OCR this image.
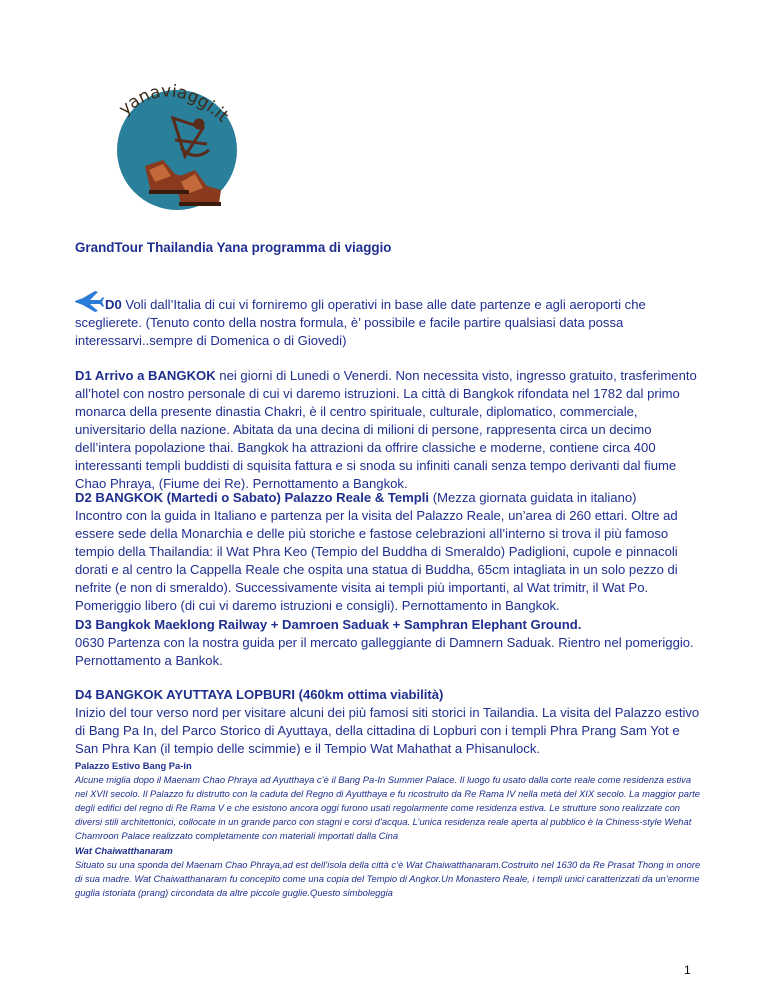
yanaviaggi.it
GrandTour Thailandia Yana programma di viaggio

D0 Voli dall’Italia di cui vi forniremo gli operativi in base alle date partenze e agli aeroporti che sceglierete. (Tenuto conto della nostra formula, è’ possibile e facile partire qualsiasi data possa interessarvi..sempre di Domenica o di Giovedi)

D1 Arrivo a BANGKOK nei giorni di Lunedi o Venerdi. Non necessita visto, ingresso gratuito, trasferimento all’hotel con nostro personale di cui vi daremo istruzioni. La città di Bangkok rifondata nel 1782 dal primo monarca della presente dinastia Chakri, è il centro spirituale, culturale, diplomatico, commerciale, universitario della nazione. Abitata da una decina di milioni di persone, rappresenta circa un decimo dell’intera popolazione thai. Bangkok ha attrazioni da offrire classiche e moderne, contiene circa 400 interessanti templi buddisti di squisita fattura e si snoda su infiniti canali senza tempo derivanti dal fiume Chao Phraya, (Fiume dei Re). Pernottamento a Bangkok.

D2 BANGKOK (Martedi o Sabato) Palazzo Reale & Templi (Mezza giornata guidata in italiano)
Incontro con la guida in Italiano e partenza per la visita del Palazzo Reale, un’area di 260 ettari. Oltre ad essere sede della Monarchia e delle più storiche e fastose celebrazioni all’interno si trova il più famoso tempio della Thailandia: il Wat Phra Keo (Tempio del Buddha di Smeraldo) Padiglioni, cupole e pinnacoli dorati e al centro la Cappella Reale che ospita una statua di Buddha, 65cm intagliata in un solo pezzo di nefrite (e non di smeraldo). Successivamente visita ai templi più importanti, al Wat trimitr, il Wat Po. Pomeriggio libero (di cui vi daremo istruzioni e consigli). Pernottamento in Bangkok.

D3 Bangkok Maeklong Railway + Damroen Saduak + Samphran Elephant Ground.
0630 Partenza con la nostra guida per il mercato galleggiante di Damnern Saduak. Rientro nel pomeriggio. Pernottamento a Bankok.

D4 BANGKOK AYUTTAYA LOPBURI (460km ottima viabilità)
Inizio del tour verso nord per visitare alcuni dei più famosi siti storici in Tailandia. La visita del Palazzo estivo di Bang Pa In, del Parco Storico di Ayuttaya, della cittadina di Lopburi con i templi Phra Prang Sam Yot e San Phra Kan (il tempio delle scimmie) e il Tempio Wat Mahathat a Phisanulock.

Palazzo Estivo Bang Pa-in
Alcune miglia dopo il Maenam Chao Phraya ad Ayutthaya c’è il Bang Pa-In Summer Palace. Il luogo fu usato dalla corte reale come residenza estiva nel XVII secolo. Il Palazzo fu distrutto con la caduta del Regno di Ayutthaya e fu ricostruito da Re Rama IV nella metà del XIX secolo. La maggior parte degli edifici del regno di Re Rama V e che esistono ancora oggi furono usati regolarmente come residenza estiva. Le strutture sono realizzate con diversi stili architettonici, collocate in un grande parco con stagni e corsi d’acqua. L’unica residenza reale aperta al pubblico è la Chiness-style Wehat Chamroon Palace realizzato completamente con materiali importati dalla Cina
Wat Chaiwatthanaram
Situato su una sponda del Maenam Chao Phraya,ad est dell’isola della città c’è Wat Chaiwatthanaram.Costruito nel 1630 da Re Prasat Thong in onore di sua madre. Wat Chaiwatthanaram fu concepito come una copia del Tempio di Angkor.Un Monastero Reale, i templi unici caratterizzati da un’enorme guglia istoriata (prang) circondata da altre piccole guglie.Questo simboleggia

1
